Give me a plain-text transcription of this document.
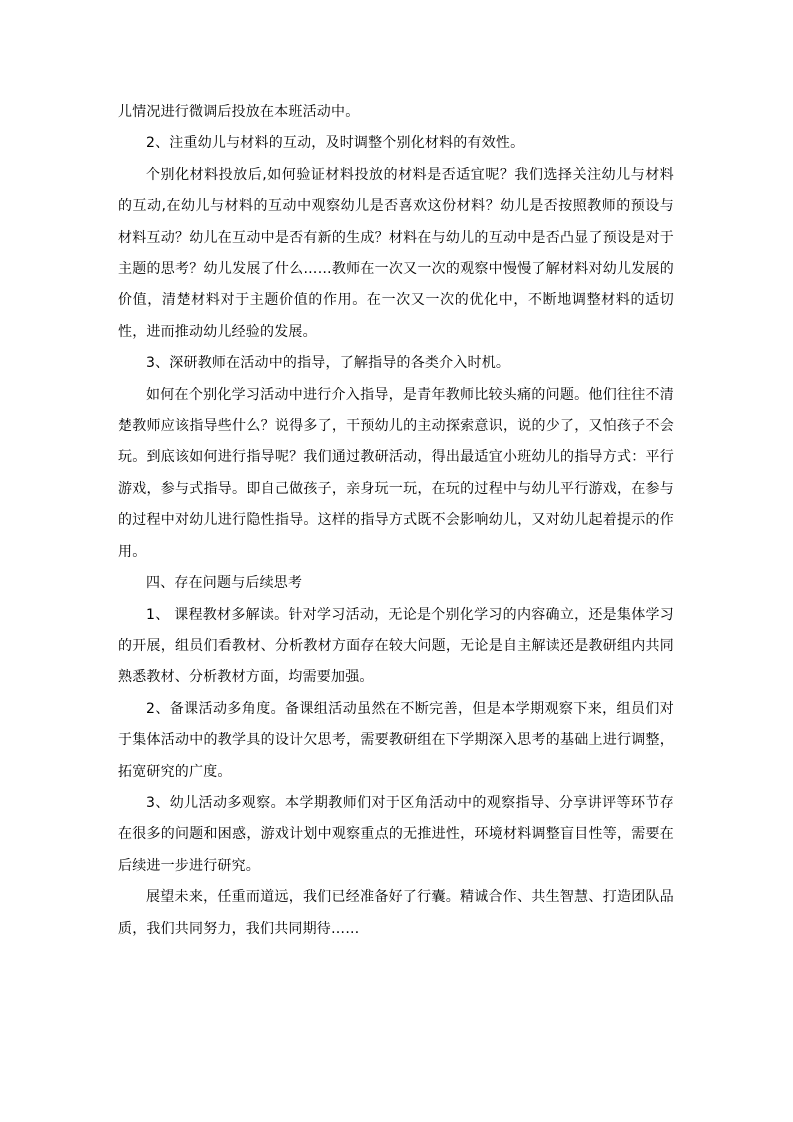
儿情况进行微调后投放在本班活动中。

2、注重幼儿与材料的互动，及时调整个别化材料的有效性。

个别化材料投放后,如何验证材料投放的材料是否适宜呢？我们选择关注幼儿与材料的互动,在幼儿与材料的互动中观察幼儿是否喜欢这份材料？幼儿是否按照教师的预设与材料互动？幼儿在互动中是否有新的生成？材料在与幼儿的互动中是否凸显了预设是对于主题的思考？幼儿发展了什么……教师在一次又一次的观察中慢慢了解材料对幼儿发展的价值，清楚材料对于主题价值的作用。在一次又一次的优化中，不断地调整材料的适切性，进而推动幼儿经验的发展。

3、深研教师在活动中的指导，了解指导的各类介入时机。

如何在个别化学习活动中进行介入指导，是青年教师比较头痛的问题。他们往往不清楚教师应该指导些什么？说得多了，干预幼儿的主动探索意识，说的少了，又怕孩子不会玩。到底该如何进行指导呢？我们通过教研活动，得出最适宜小班幼儿的指导方式：平行游戏，参与式指导。即自己做孩子，亲身玩一玩，在玩的过程中与幼儿平行游戏，在参与的过程中对幼儿进行隐性指导。这样的指导方式既不会影响幼儿，又对幼儿起着提示的作用。

四、存在问题与后续思考

1、 课程教材多解读。针对学习活动，无论是个别化学习的内容确立，还是集体学习的开展，组员们看教材、分析教材方面存在较大问题，无论是自主解读还是教研组内共同熟悉教材、分析教材方面，均需要加强。

2、备课活动多角度。备课组活动虽然在不断完善，但是本学期观察下来，组员们对于集体活动中的教学具的设计欠思考，需要教研组在下学期深入思考的基础上进行调整，拓宽研究的广度。

3、幼儿活动多观察。本学期教师们对于区角活动中的观察指导、分享讲评等环节存在很多的问题和困惑，游戏计划中观察重点的无推进性，环境材料调整盲目性等，需要在后续进一步进行研究。

展望未来，任重而道远，我们已经准备好了行囊。精诚合作、共生智慧、打造团队品质，我们共同努力，我们共同期待……
